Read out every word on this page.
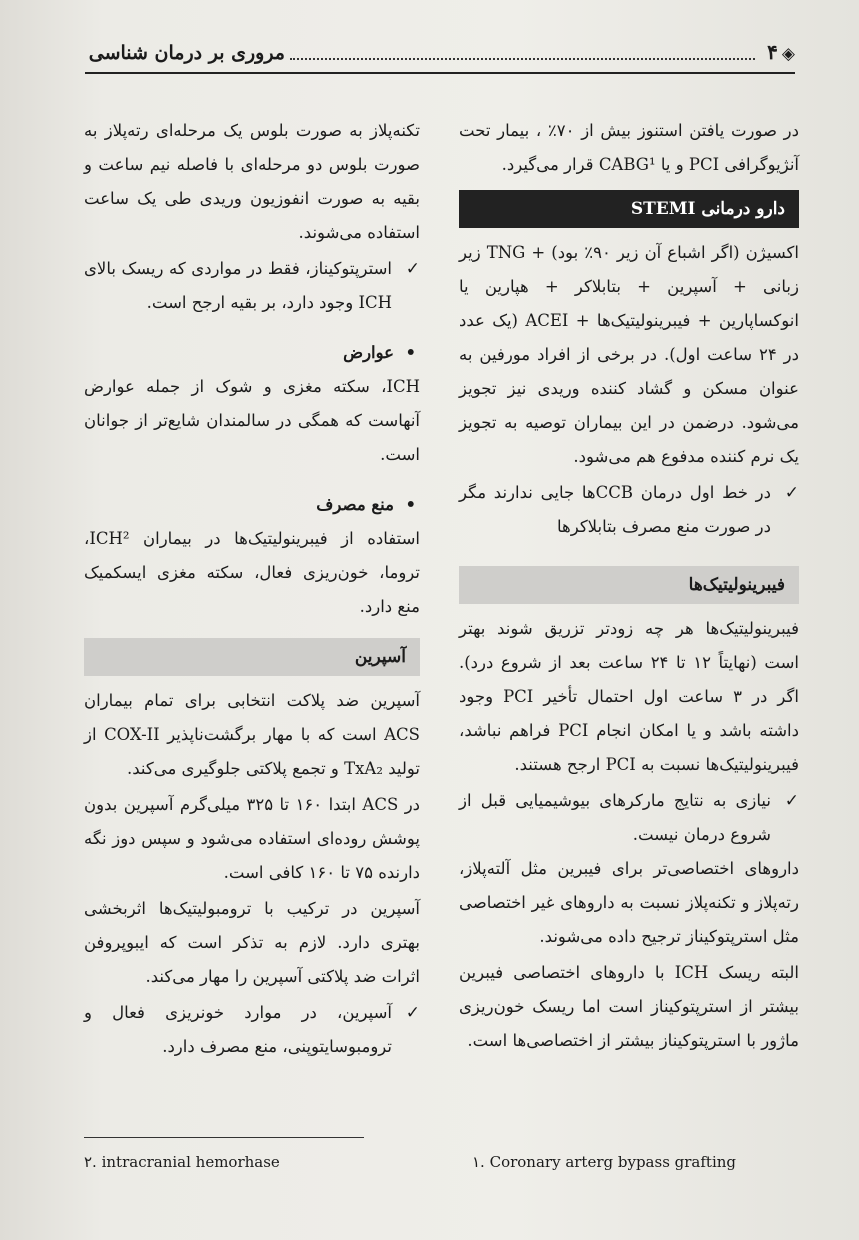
◈۴
مروری بر درمان شناسی

در صورت یافتن استنوز بیش از ۷۰٪ ، بیمار تحت آنژیوگرافی PCI و یا CABG¹ قرار می‌گیرد.

دارو درمانی STEMI

اکسیژن (اگر اشباع آن زیر ۹۰٪ بود) + TNG زیر زبانی + آسپرین + بتابلاکر + هپارین یا انوکساپارین + فیبرینولیتیک‌ها + ACEI (یک عدد در ۲۴ ساعت اول). در برخی از افراد مورفین به عنوان مسکن و گشاد کننده وریدی نیز تجویز می‌شود. درضمن در این بیماران توصیه به تجویز یک نرم کننده مدفوع هم می‌شود.

✓
در خط اول درمان CCBها جایی ندارند مگر در صورت منع مصرف بتابلاکرها
فیبرینولیتیک‌ها

فیبرینولیتیک‌ها هر چه زودتر تزریق شوند بهتر است (نهایتاً ۱۲ تا ۲۴ ساعت بعد از شروع درد). اگر در ۳ ساعت اول احتمال تأخیر PCI وجود داشته باشد و یا امکان انجام PCI فراهم نباشد، فیبرینولیتیک‌ها نسبت به PCI ارجح هستند.

✓
نیازی به نتایج مارکرهای بیوشیمیایی قبل از شروع درمان نیست.

داروهای اختصاصی‌تر برای فیبرین مثل آلته‌پلاز، رته‌پلاز و تکنه‌پلاز نسبت به داروهای غیر اختصاصی مثل استرپتوکیناز ترجیح داده می‌شوند.

البته ریسک ICH با داروهای اختصاصی فیبرین بیشتر از استرپتوکیناز است اما ریسک خون‌ریزی ماژور با استرپتوکیناز بیشتر از اختصاصی‌ها است.

تکنه‌پلاز به صورت بلوس یک مرحله‌ای رته‌پلاز به صورت بلوس دو مرحله‌ای با فاصله نیم ساعت و بقیه به صورت انفوزیون وریدی طی یک ساعت استفاده می‌شوند.

✓
استرپتوکیناز، فقط در مواردی که ریسک بالای ICH وجود دارد، بر بقیه ارجح است.
•
عوارض

ICH، سکته مغزی و شوک از جمله عوارض آنهاست که همگی در سالمندان شایع‌تر از جوانان است.

•
منع مصرف

استفاده از فیبرینولیتیک‌ها در بیماران ICH²، تروما، خون‌ریزی فعال، سکته مغزی ایسکمیک منع دارد.

آسپرین

آسپرین ضد پلاکت انتخابی برای تمام بیماران ACS است که با مهار برگشت‌ناپذیر COX-II از تولید TxA₂ و تجمع پلاکتی جلوگیری می‌کند.

در ACS ابتدا ۱۶۰ تا ۳۲۵ میلی‌گرم آسپرین بدون پوشش روده‌ای استفاده می‌شود و سپس دوز نگه دارنده ۷۵ تا ۱۶۰ کافی است.

آسپرین در ترکیب با ترومبولیتیک‌ها اثربخشی بهتری دارد. لازم به تذکر است که ایبوپروفن اثرات ضد پلاکتی آسپرین را مهار می‌کند.

✓
آسپرین، در موارد خونریزی فعال و ترومبوسایتوپنی، منع مصرف دارد.
۲. intracranial hemorhase	۱. Coronary arterg bypass grafting
